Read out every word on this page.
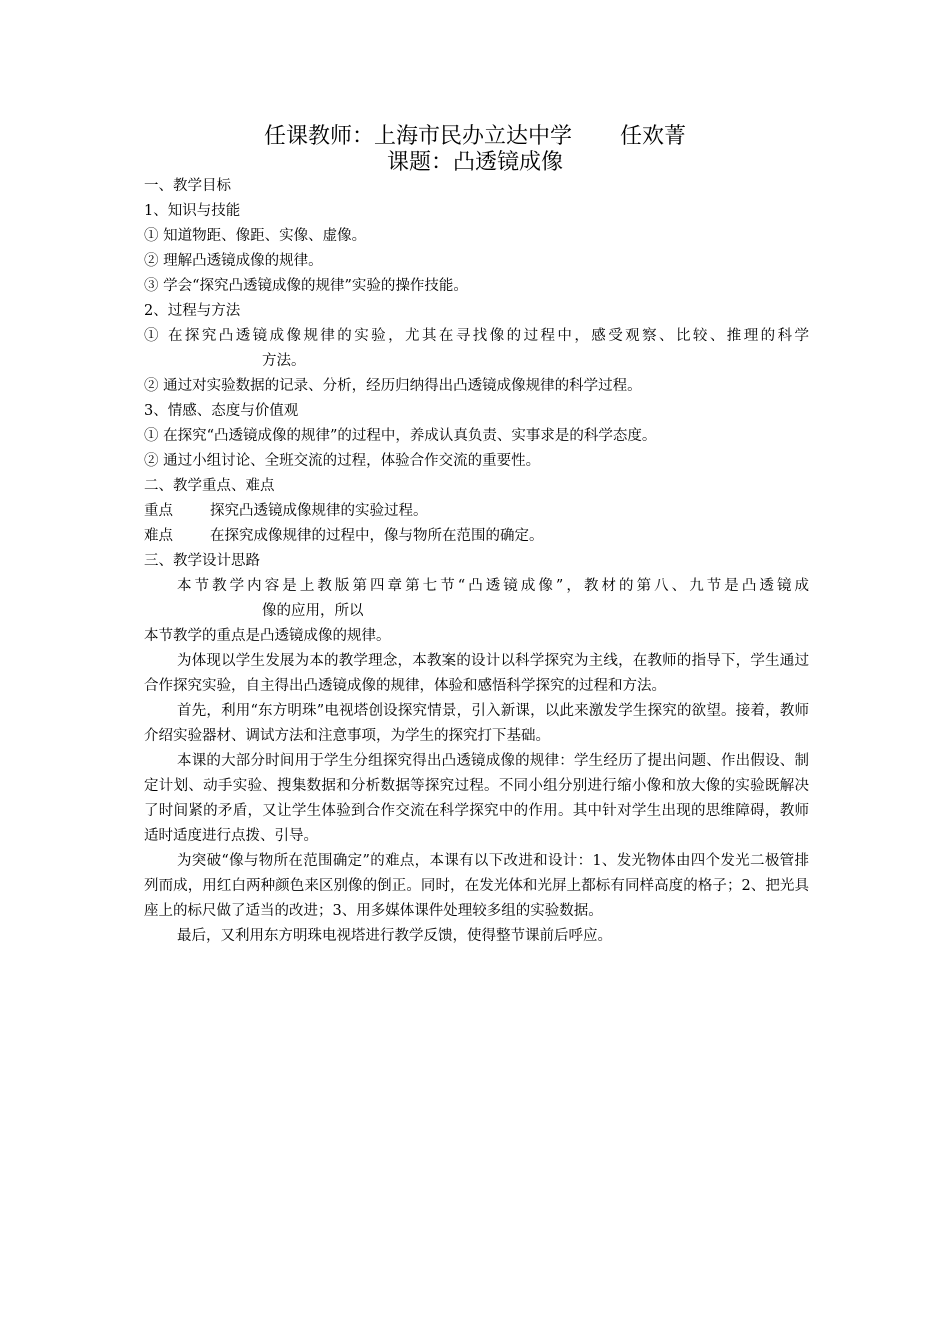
任课教师：上海市民办立达中学 任欢菁
课题：凸透镜成像
一、教学目标
1、知识与技能
① 知道物距、像距、实像、虚像。
② 理解凸透镜成像的规律。
③ 学会“探究凸透镜成像的规律”实验的操作技能。
2、过程与方法
① 在探究凸透镜成像规律的实验，尤其在寻找像的过程中，感受观察、比较、推理的科学
方法。
② 通过对实验数据的记录、分析，经历归纳得出凸透镜成像规律的科学过程。
3、情感、态度与价值观
① 在探究“凸透镜成像的规律”的过程中，养成认真负责、实事求是的科学态度。
② 通过小组讨论、全班交流的过程，体验合作交流的重要性。
二、教学重点、难点
重点	探究凸透镜成像规律的实验过程。
难点	在探究成像规律的过程中，像与物所在范围的确定。
三、教学设计思路
本节教学内容是上教版第四章第七节“凸透镜成像”，教材的第八、九节是凸透镜成
像的应用，所以
本节教学的重点是凸透镜成像的规律。

为体现以学生发展为本的教学理念，本教案的设计以科学探究为主线，在教师的指导下，学生通过合作探究实验，自主得出凸透镜成像的规律，体验和感悟科学探究的过程和方法。

首先，利用“东方明珠”电视塔创设探究情景，引入新课，以此来激发学生探究的欲望。接着，教师介绍实验器材、调试方法和注意事项，为学生的探究打下基础。

本课的大部分时间用于学生分组探究得出凸透镜成像的规律：学生经历了提出问题、作出假设、制定计划、动手实验、搜集数据和分析数据等探究过程。不同小组分别进行缩小像和放大像的实验既解决了时间紧的矛盾，又让学生体验到合作交流在科学探究中的作用。其中针对学生出现的思维障碍，教师适时适度进行点拨、引导。

为突破“像与物所在范围确定”的难点，本课有以下改进和设计：1、发光物体由四个发光二极管排列而成，用红白两种颜色来区别像的倒正。同时，在发光体和光屏上都标有同样高度的格子；2、把光具座上的标尺做了适当的改进；3、用多媒体课件处理较多组的实验数据。

最后，又利用东方明珠电视塔进行教学反馈，使得整节课前后呼应。
